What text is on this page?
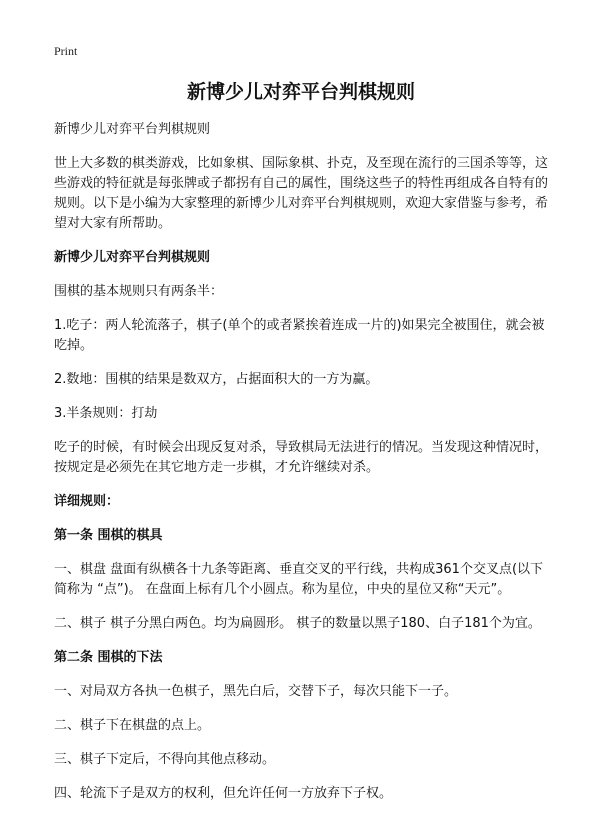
Print
新博少儿对弈平台判棋规则
新博少儿对弈平台判棋规则
世上大多数的棋类游戏，比如象棋、国际象棋、扑克，及至现在流行的三国杀等等，这些游戏的特征就是每张牌或子都拐有自己的属性，围绕这些子的特性再组成各自特有的规则。以下是小编为大家整理的新博少儿对弈平台判棋规则，欢迎大家借鉴与参考，希望对大家有所帮助。
新博少儿对弈平台判棋规则
围棋的基本规则只有两条半：
1.吃子：两人轮流落子，棋子(单个的或者紧挨着连成一片的)如果完全被围住，就会被吃掉。
2.数地：围棋的结果是数双方，占据面积大的一方为赢。
3.半条规则：打劫
吃子的时候，有时候会出现反复对杀，导致棋局无法进行的情况。当发现这种情况时，按规定是必须先在其它地方走一步棋，才允许继续对杀。
详细规则：
第一条 围棋的棋具
一、棋盘 盘面有纵横各十九条等距离、垂直交叉的平行线，共构成361个交叉点(以下简称为 “点”)。 在盘面上标有几个小圆点。称为星位，中央的星位又称“天元”。
二、棋子 棋子分黑白两色。均为扁圆形。 棋子的数量以黑子180、白子181个为宜。
第二条 围棋的下法
一、对局双方各执一色棋子，黑先白后，交替下子，每次只能下一子。
二、棋子下在棋盘的点上。
三、棋子下定后，不得向其他点移动。
四、轮流下子是双方的权利，但允许任何一方放弃下子权。
